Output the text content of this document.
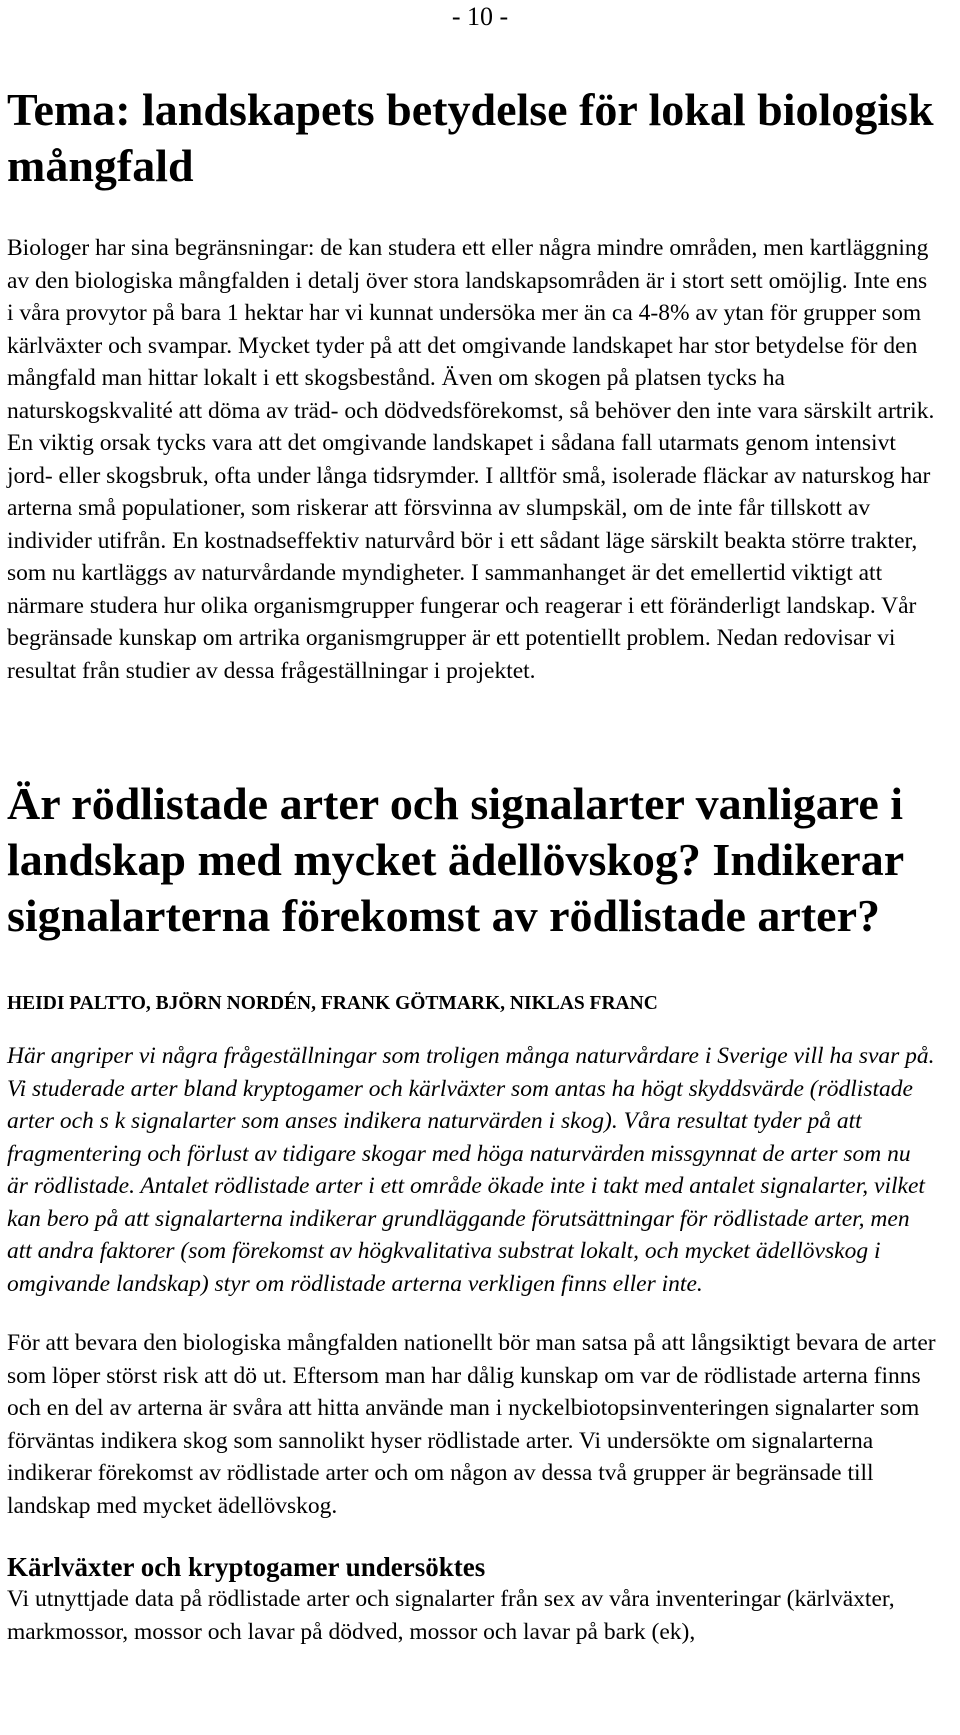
- 10 -
Tema: landskapets betydelse för lokal biologisk mångfald

Biologer har sina begränsningar: de kan studera ett eller några mindre områden, men kartläggning av den biologiska mångfalden i detalj över stora landskapsområden är i stort sett omöjlig. Inte ens i våra provytor på bara 1 hektar har vi kunnat undersöka mer än ca 4-8% av ytan för grupper som kärlväxter och svampar. Mycket tyder på att det omgivande landskapet har stor betydelse för den mångfald man hittar lokalt i ett skogsbestånd. Även om skogen på platsen tycks ha naturskogskvalité att döma av träd- och dödvedsförekomst, så behöver den inte vara särskilt artrik. En viktig orsak tycks vara att det omgivande landskapet i sådana fall utarmats genom intensivt jord- eller skogsbruk, ofta under långa tidsrymder. I alltför små, isolerade fläckar av naturskog har arterna små populationer, som riskerar att försvinna av slumpskäl, om de inte får tillskott av individer utifrån. En kostnadseffektiv naturvård bör i ett sådant läge särskilt beakta större trakter, som nu kartläggs av naturvårdande myndigheter. I sammanhanget är det emellertid viktigt att närmare studera hur olika organismgrupper fungerar och reagerar i ett föränderligt landskap. Vår begränsade kunskap om artrika organismgrupper är ett potentiellt problem. Nedan redovisar vi resultat från studier av dessa frågeställningar i projektet.

Är rödlistade arter och signalarter vanligare i landskap med mycket ädellövskog? Indikerar signalarterna förekomst av rödlistade arter?

HEIDI PALTTO, BJÖRN NORDÉN, FRANK GÖTMARK, NIKLAS FRANC

Här angriper vi några frågeställningar som troligen många naturvårdare i Sverige vill ha svar på. Vi studerade arter bland kryptogamer och kärlväxter som antas ha högt skyddsvärde (rödlistade arter och s k signalarter som anses indikera naturvärden i skog). Våra resultat tyder på att fragmentering och förlust av tidigare skogar med höga naturvärden missgynnat de arter som nu är rödlistade. Antalet rödlistade arter i ett område ökade inte i takt med antalet signalarter, vilket kan bero på att signalarterna indikerar grundläggande förutsättningar för rödlistade arter, men att andra faktorer (som förekomst av högkvalitativa substrat lokalt, och mycket ädellövskog i omgivande landskap) styr om rödlistade arterna verkligen finns eller inte.

För att bevara den biologiska mångfalden nationellt bör man satsa på att långsiktigt bevara de arter som löper störst risk att dö ut. Eftersom man har dålig kunskap om var de rödlistade arterna finns och en del av arterna är svåra att hitta använde man i nyckelbiotopsinventeringen signalarter som förväntas indikera skog som sannolikt hyser rödlistade arter. Vi undersökte om signalarterna indikerar förekomst av rödlistade arter och om någon av dessa två grupper är begränsade till landskap med mycket ädellövskog.

Kärlväxter och kryptogamer undersöktes

Vi utnyttjade data på rödlistade arter och signalarter från sex av våra inventeringar (kärlväxter, markmossor, mossor och lavar på dödved, mossor och lavar på bark (ek),
